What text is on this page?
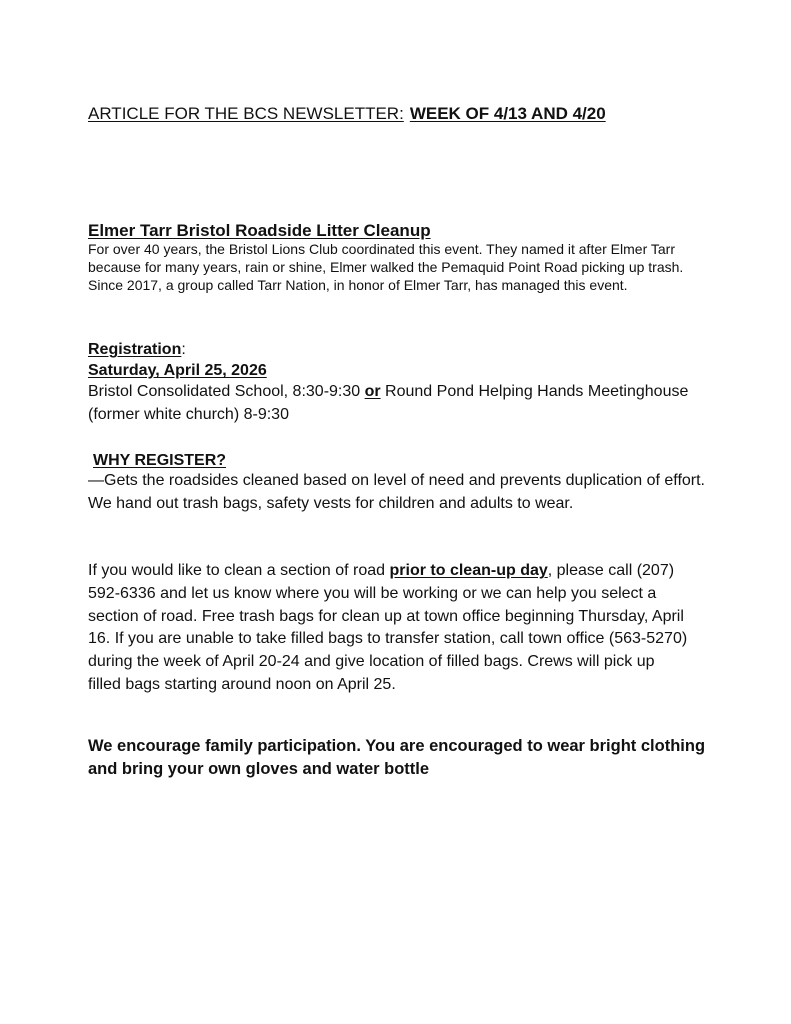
ARTICLE FOR THE BCS NEWSLETTER: WEEK OF 4/13 AND 4/20
Elmer Tarr Bristol Roadside Litter Cleanup

For over 40 years, the Bristol Lions Club coordinated this event. They named it after Elmer Tarr because for many years, rain or shine, Elmer walked the Pemaquid Point Road picking up trash. Since 2017, a group called Tarr Nation, in honor of Elmer Tarr, has managed this event.

Registration:
Saturday, April 25, 2026

Bristol Consolidated School, 8:30-9:30 or Round Pond Helping Hands Meetinghouse (former white church) 8-9:30

WHY REGISTER?

—Gets the roadsides cleaned based on level of need and prevents duplication of effort. We hand out trash bags, safety vests for children and adults to wear.

If you would like to clean a section of road prior to clean-up day, please call (207) 592-6336 and let us know where you will be working or we can help you select a section of road. Free trash bags for clean up at town office beginning Thursday, April 16. If you are unable to take filled bags to transfer station, call town office (563-5270) during the week of April 20-24 and give location of filled bags. Crews will pick up filled bags starting around noon on April 25.

We encourage family participation. You are encouraged to wear bright clothing and bring your own gloves and water bottle
